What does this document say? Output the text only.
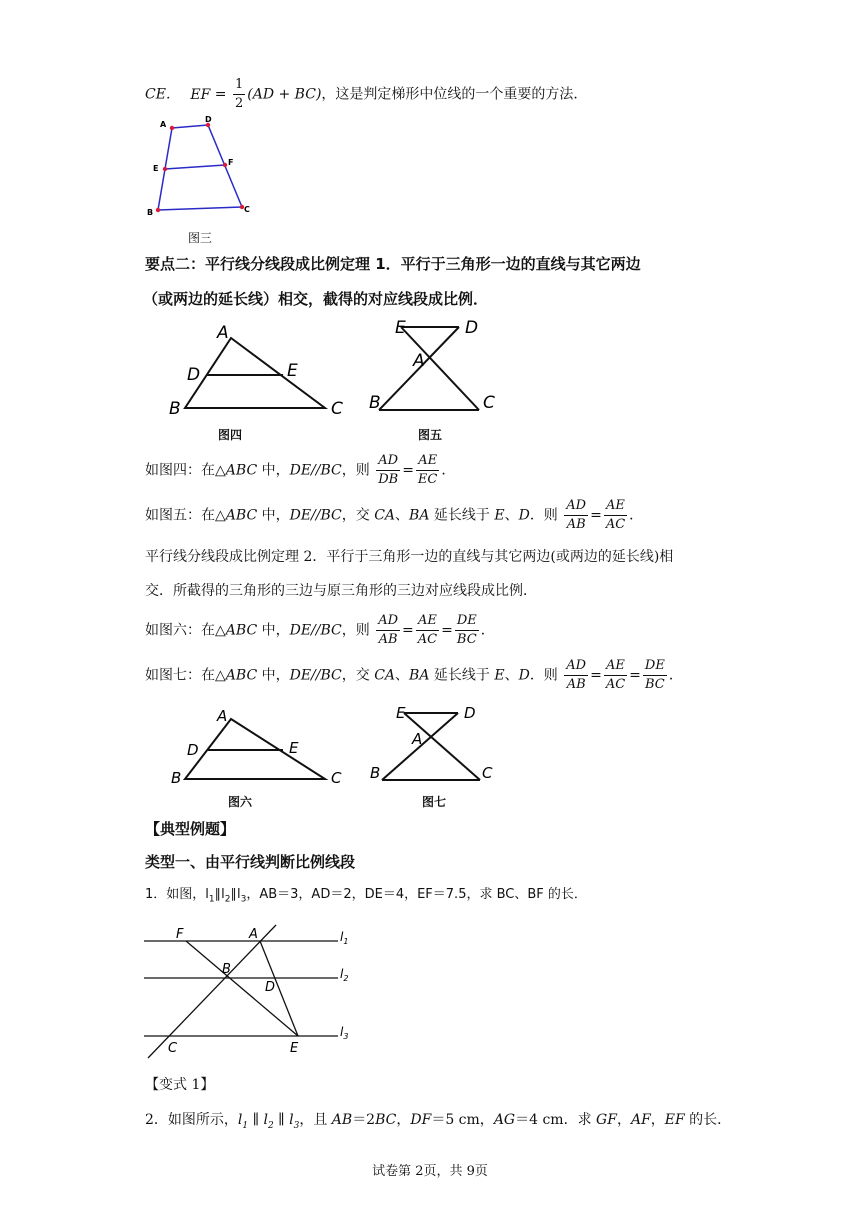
CE． EF = $\frac{1}{2} (AD + BC)$，这是判定梯形中位线的一个重要的方法．
A
D
E
F
B	C
图三
要点二：平行线分线段成比例定理 1．平行于三角形一边的直线与其它两边
（或两边的延长线）相交，截得的对应线段成比例．
A
D	E
B	C
图四
E	D
A
B	C
图五
如图四：在△ABC 中，DE//BC，则 $\frac{AD}{DB} = \frac{AE}{EC}$ ．
如图五：在△ABC 中，DE//BC，交 CA、BA 延长线于 E、D．则 $\frac{AD}{AB} = \frac{AE}{AC}$ ．
平行线分线段成比例定理 2．平行于三角形一边的直线与其它两边(或两边的延长线)相
交．所截得的三角形的三边与原三角形的三边对应线段成比例．
如图六：在△ABC 中，DE//BC，则 $\frac{AD}{AB} = \frac{AE}{AC} = \frac{DE}{BC}$ ．
如图七：在△ABC 中，DE//BC，交 CA、BA 延长线于 E、D．则 $\frac{AD}{AB} = \frac{AE}{AC} = \frac{DE}{BC}$ ．
A
D	E
B	C
图六
E	D
A
B	C
图七
【典型例题】
类型一、由平行线判断比例线段
1．如图，$l_1\parallel l_2\parallel l_3$，AB＝3，AD＝2，DE＝4，EF＝7.5，求 BC、BF 的长．
F	A
B
D
C	E
$l_1$
$l_2$
$l_3$
【变式 1】
2．如图所示，$l_1$ ∥ $l_2$ ∥ $l_3$，且 AB＝2BC，DF＝5 cm，AG＝4 cm．求 GF，AF，EF 的长．
试卷第 2页，共 9页
